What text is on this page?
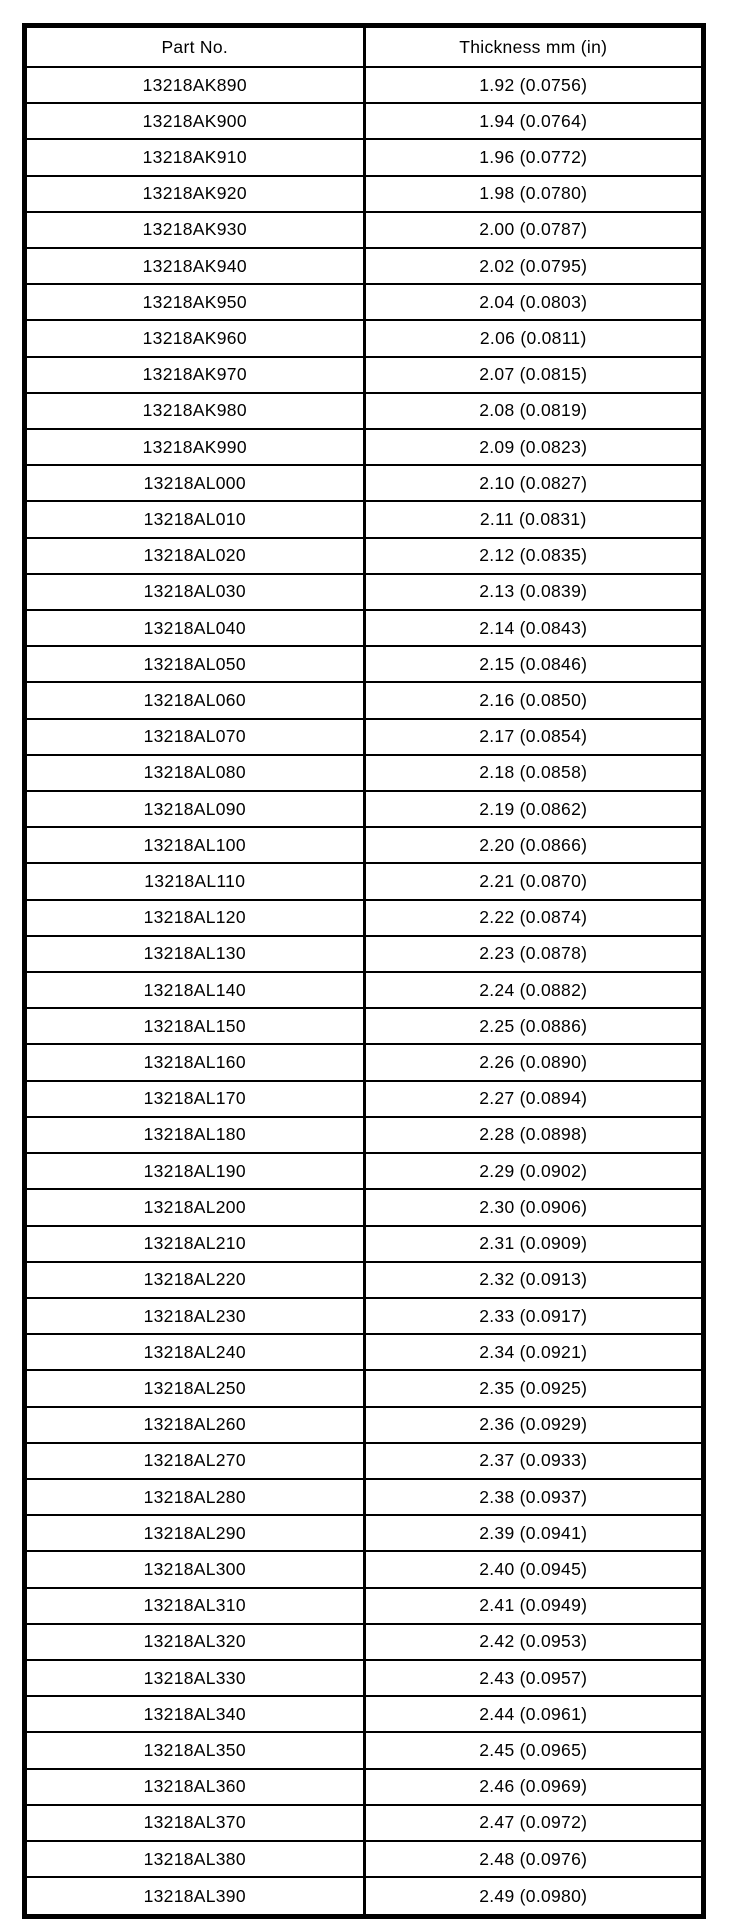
Part No.	Thickness mm (in)
13218AK890	1.92 (0.0756)
13218AK900	1.94 (0.0764)
13218AK910	1.96 (0.0772)
13218AK920	1.98 (0.0780)
13218AK930	2.00 (0.0787)
13218AK940	2.02 (0.0795)
13218AK950	2.04 (0.0803)
13218AK960	2.06 (0.0811)
13218AK970	2.07 (0.0815)
13218AK980	2.08 (0.0819)
13218AK990	2.09 (0.0823)
13218AL000	2.10 (0.0827)
13218AL010	2.11 (0.0831)
13218AL020	2.12 (0.0835)
13218AL030	2.13 (0.0839)
13218AL040	2.14 (0.0843)
13218AL050	2.15 (0.0846)
13218AL060	2.16 (0.0850)
13218AL070	2.17 (0.0854)
13218AL080	2.18 (0.0858)
13218AL090	2.19 (0.0862)
13218AL100	2.20 (0.0866)
13218AL110	2.21 (0.0870)
13218AL120	2.22 (0.0874)
13218AL130	2.23 (0.0878)
13218AL140	2.24 (0.0882)
13218AL150	2.25 (0.0886)
13218AL160	2.26 (0.0890)
13218AL170	2.27 (0.0894)
13218AL180	2.28 (0.0898)
13218AL190	2.29 (0.0902)
13218AL200	2.30 (0.0906)
13218AL210	2.31 (0.0909)
13218AL220	2.32 (0.0913)
13218AL230	2.33 (0.0917)
13218AL240	2.34 (0.0921)
13218AL250	2.35 (0.0925)
13218AL260	2.36 (0.0929)
13218AL270	2.37 (0.0933)
13218AL280	2.38 (0.0937)
13218AL290	2.39 (0.0941)
13218AL300	2.40 (0.0945)
13218AL310	2.41 (0.0949)
13218AL320	2.42 (0.0953)
13218AL330	2.43 (0.0957)
13218AL340	2.44 (0.0961)
13218AL350	2.45 (0.0965)
13218AL360	2.46 (0.0969)
13218AL370	2.47 (0.0972)
13218AL380	2.48 (0.0976)
13218AL390	2.49 (0.0980)
